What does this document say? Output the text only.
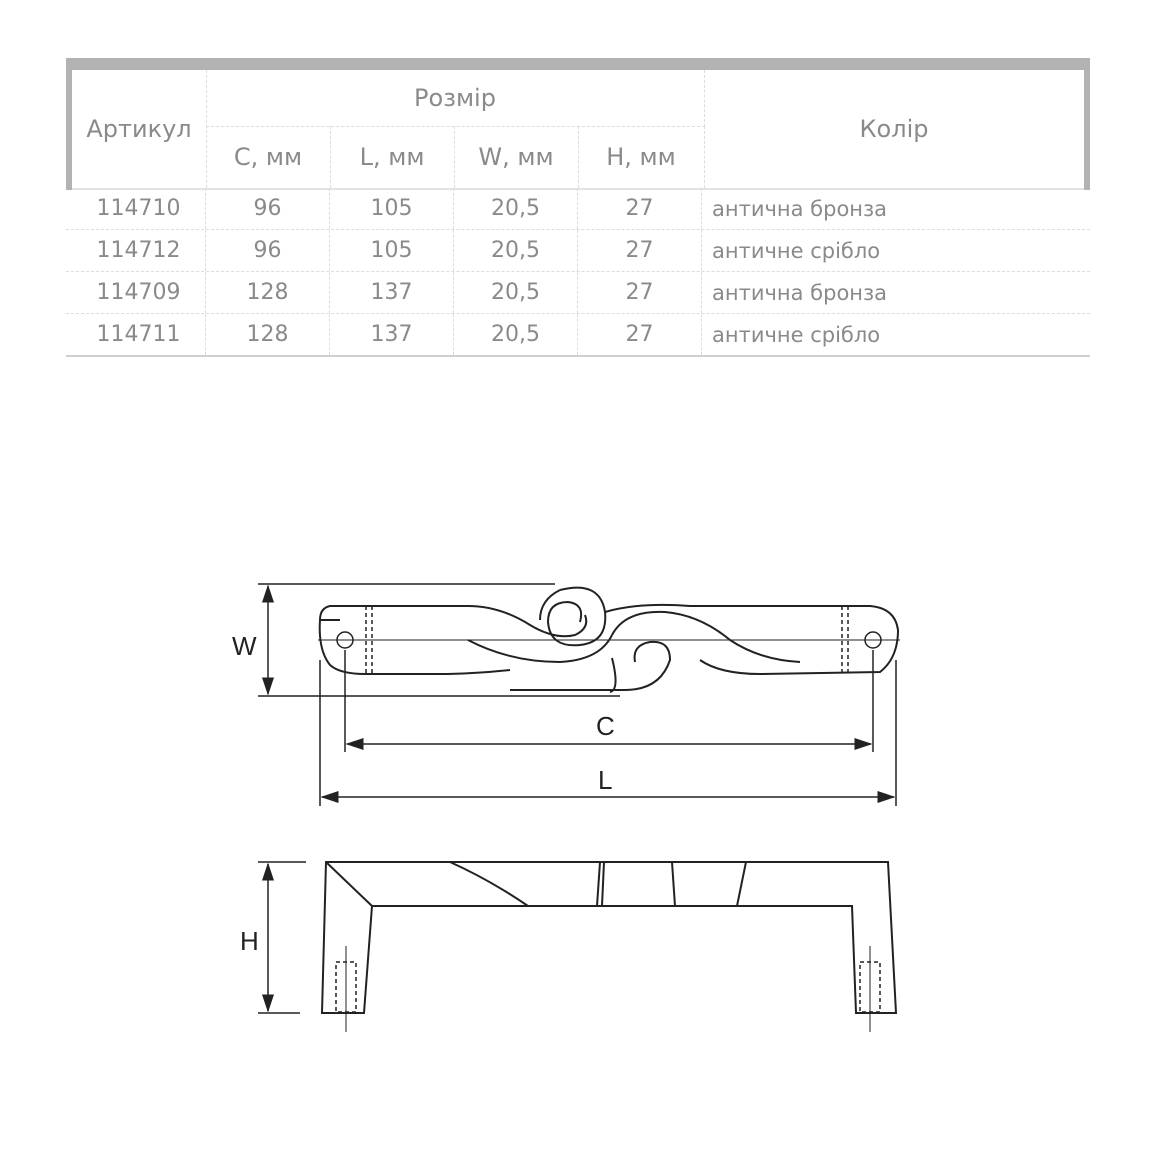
Артикул
Розмір
C, мм	L, мм	W, мм	H, мм
Колір
114710	96	105	20,5	27	антична бронза
114712	96	105	20,5	27	античне срібло
114709	128	137	20,5	27	антична бронза
114711	128	137	20,5	27	античне срібло
W
C
L
H
